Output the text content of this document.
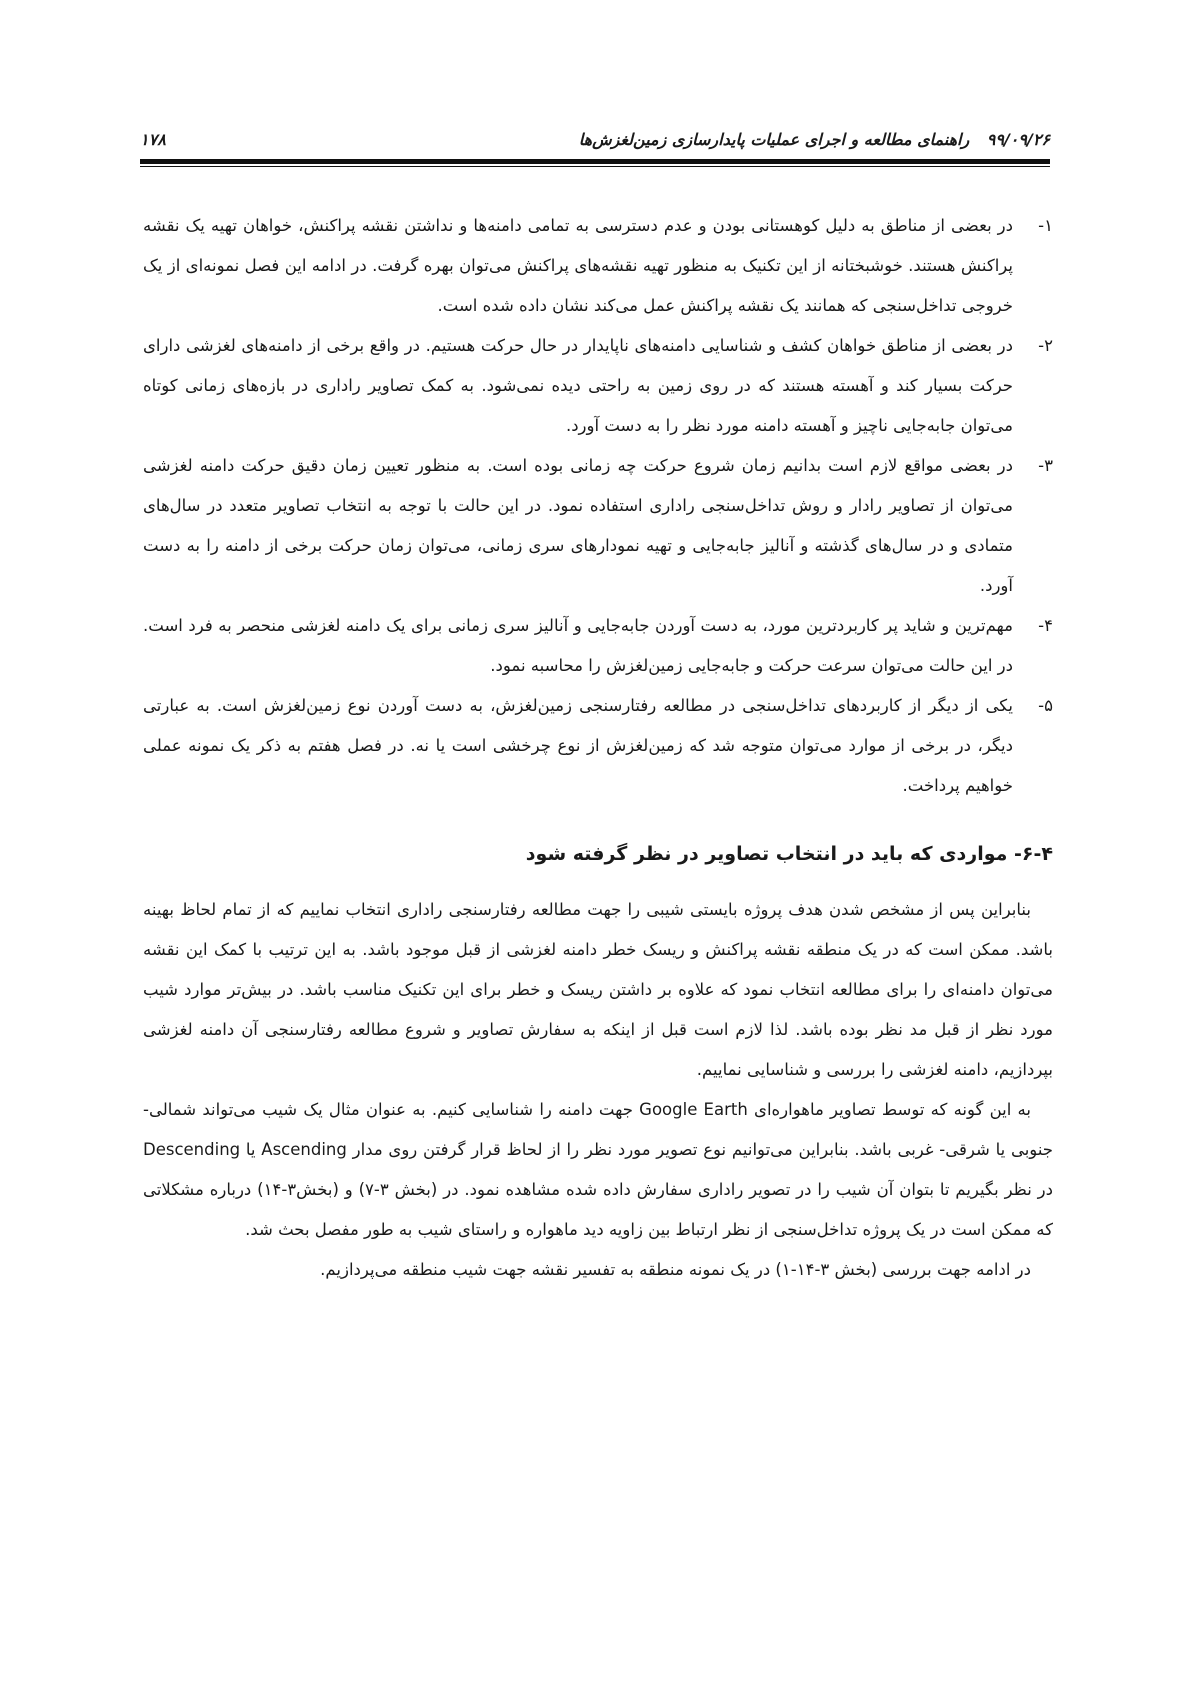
۹۹/۰۹/۲۶ راهنمای مطالعه و اجرای عملیات پایدارسازی زمین‌لغزش‌ها
۱۷۸
۱-
در بعضی از مناطق به دلیل کوهستانی بودن و عدم دسترسی به تمامی دامنه‌ها و نداشتن نقشه پراکنش، خواهان تهیه یک نقشه پراکنش هستند. خوشبختانه از این تکنیک به منظور تهیه نقشه‌های پراکنش می‌توان بهره گرفت. در ادامه این فصل نمونه‌ای از یک خروجی تداخل‌سنجی که همانند یک نقشه پراکنش عمل می‌کند نشان داده شده است.
۲-
در بعضی از مناطق خواهان کشف و شناسایی دامنه‌های ناپایدار در حال حرکت هستیم. در واقع برخی از دامنه‌های لغزشی دارای حرکت بسیار کند و آهسته هستند که در روی زمین به راحتی دیده نمی‌شود. به کمک تصاویر راداری در بازه‌های زمانی کوتاه می‌توان جابه‌جایی ناچیز و آهسته دامنه مورد نظر را به دست آورد.
۳-
در بعضی مواقع لازم است بدانیم زمان شروع حرکت چه زمانی بوده است. به منظور تعیین زمان دقیق حرکت دامنه لغزشی می‌توان از تصاویر رادار و روش تداخل‌سنجی راداری استفاده نمود. در این حالت با توجه به انتخاب تصاویر متعدد در سال‌های متمادی و در سال‌های گذشته و آنالیز جابه‌جایی و تهیه نمودارهای سری زمانی، می‌توان زمان حرکت برخی از دامنه را به دست آورد.
۴-
مهم‌ترین و شاید پر کاربردترین مورد، به دست آوردن جابه‌جایی و آنالیز سری زمانی برای یک دامنه لغزشی منحصر به فرد است. در این حالت می‌توان سرعت حرکت و جابه‌جایی زمین‌لغزش را محاسبه نمود.
۵-
یکی از دیگر از کاربردهای تداخل‌سنجی در مطالعه رفتارسنجی زمین‌لغزش، به دست آوردن نوع زمین‌لغزش است. به عبارتی دیگر، در برخی از موارد می‌توان متوجه شد که زمین‌لغزش از نوع چرخشی است یا نه. در فصل هفتم به ذکر یک نمونه عملی خواهیم پرداخت.
۶-۴- مواردی که باید در انتخاب تصاویر در نظر گرفته شود

بنابراین پس از مشخص شدن هدف پروژه بایستی شیبی را جهت مطالعه رفتارسنجی راداری انتخاب نماییم که از تمام لحاظ بهینه باشد. ممکن است که در یک منطقه نقشه پراکنش و ریسک خطر دامنه لغزشی از قبل موجود باشد. به این ترتیب با کمک این نقشه می‌توان دامنه‌ای را برای مطالعه انتخاب نمود که علاوه بر داشتن ریسک و خطر برای این تکنیک مناسب باشد. در بیش‌تر موارد شیب مورد نظر از قبل مد نظر بوده باشد. لذا لازم است قبل از اینکه به سفارش تصاویر و شروع مطالعه رفتارسنجی آن دامنه لغزشی بپردازیم، دامنه لغزشی را بررسی و شناسایی نماییم.

به این گونه که توسط تصاویر ماهواره‌ای Google Earth جهت دامنه را شناسایی کنیم. به عنوان مثال یک شیب می‌تواند شمالی- جنوبی یا شرقی- غربی باشد. بنابراین می‌توانیم نوع تصویر مورد نظر را از لحاظ قرار گرفتن روی مدار Ascending یا Descending در نظر بگیریم تا بتوان آن شیب را در تصویر راداری سفارش داده شده مشاهده نمود. در (بخش ۳-۷) و (بخش۳-۱۴) درباره مشکلاتی که ممکن است در یک پروژه تداخل‌سنجی از نظر ارتباط بین زاویه دید ماهواره و راستای شیب به طور مفصل بحث شد.

در ادامه جهت بررسی (بخش ۳-۱۴-۱) در یک نمونه منطقه به تفسیر نقشه جهت شیب منطقه می‌پردازیم.
